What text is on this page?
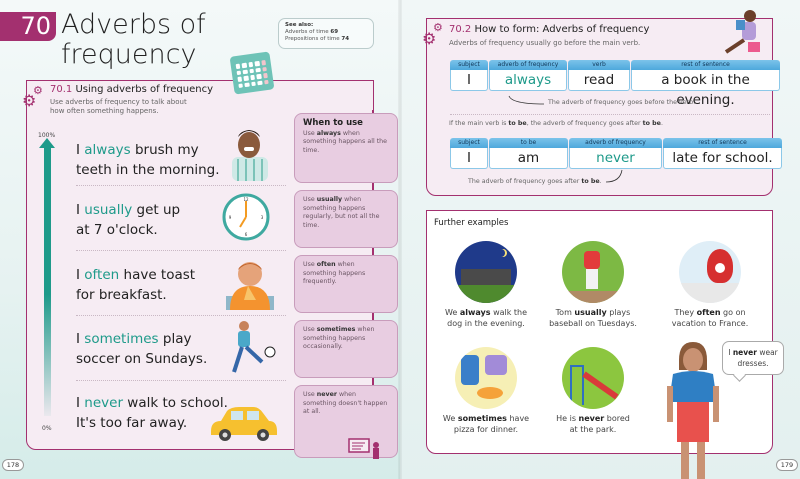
70 Adverbs of
frequency
See also:
Adverbs of time 69
Prepositions of time 74
⚙
⚙
70.1 Using adverbs of frequency
Use adverbs of frequency to talk about
how often something happens.
100%
0%
I always brush my
teeth in the morning.
I usually get up
at 7 o'clock.
I often have toast
for breakfast.
I sometimes play
soccer on Sundays.
I never walk to school.
It's too far away.
12
3
6
9
When to use
Use always when something happens all the time.
Use usually when something happens regularly, but not all the time.
Use often when something happens frequently.
Use sometimes when something happens occasionally.
Use never when something doesn't happen at all.
178
⚙
⚙ 70.2 How to form: Adverbs of frequency
Adverbs of frequency usually go before the main verb.
subject
I
adverb of frequency
always
verb
read
rest of sentence
a book in the evening.
The adverb of frequency goes before the verb.
If the main verb is to be, the adverb of frequency goes after to be.
subject
I
to be
am
adverb of frequency
never
rest of sentence
late for school.
The adverb of frequency goes after to be.
Further examples
We always walk the
dog in the evening.
Tom usually plays
baseball on Tuesdays.
They often go on
vacation to France.
We sometimes have
pizza for dinner.
He is never bored
at the park.
I never wear
dresses.
179
